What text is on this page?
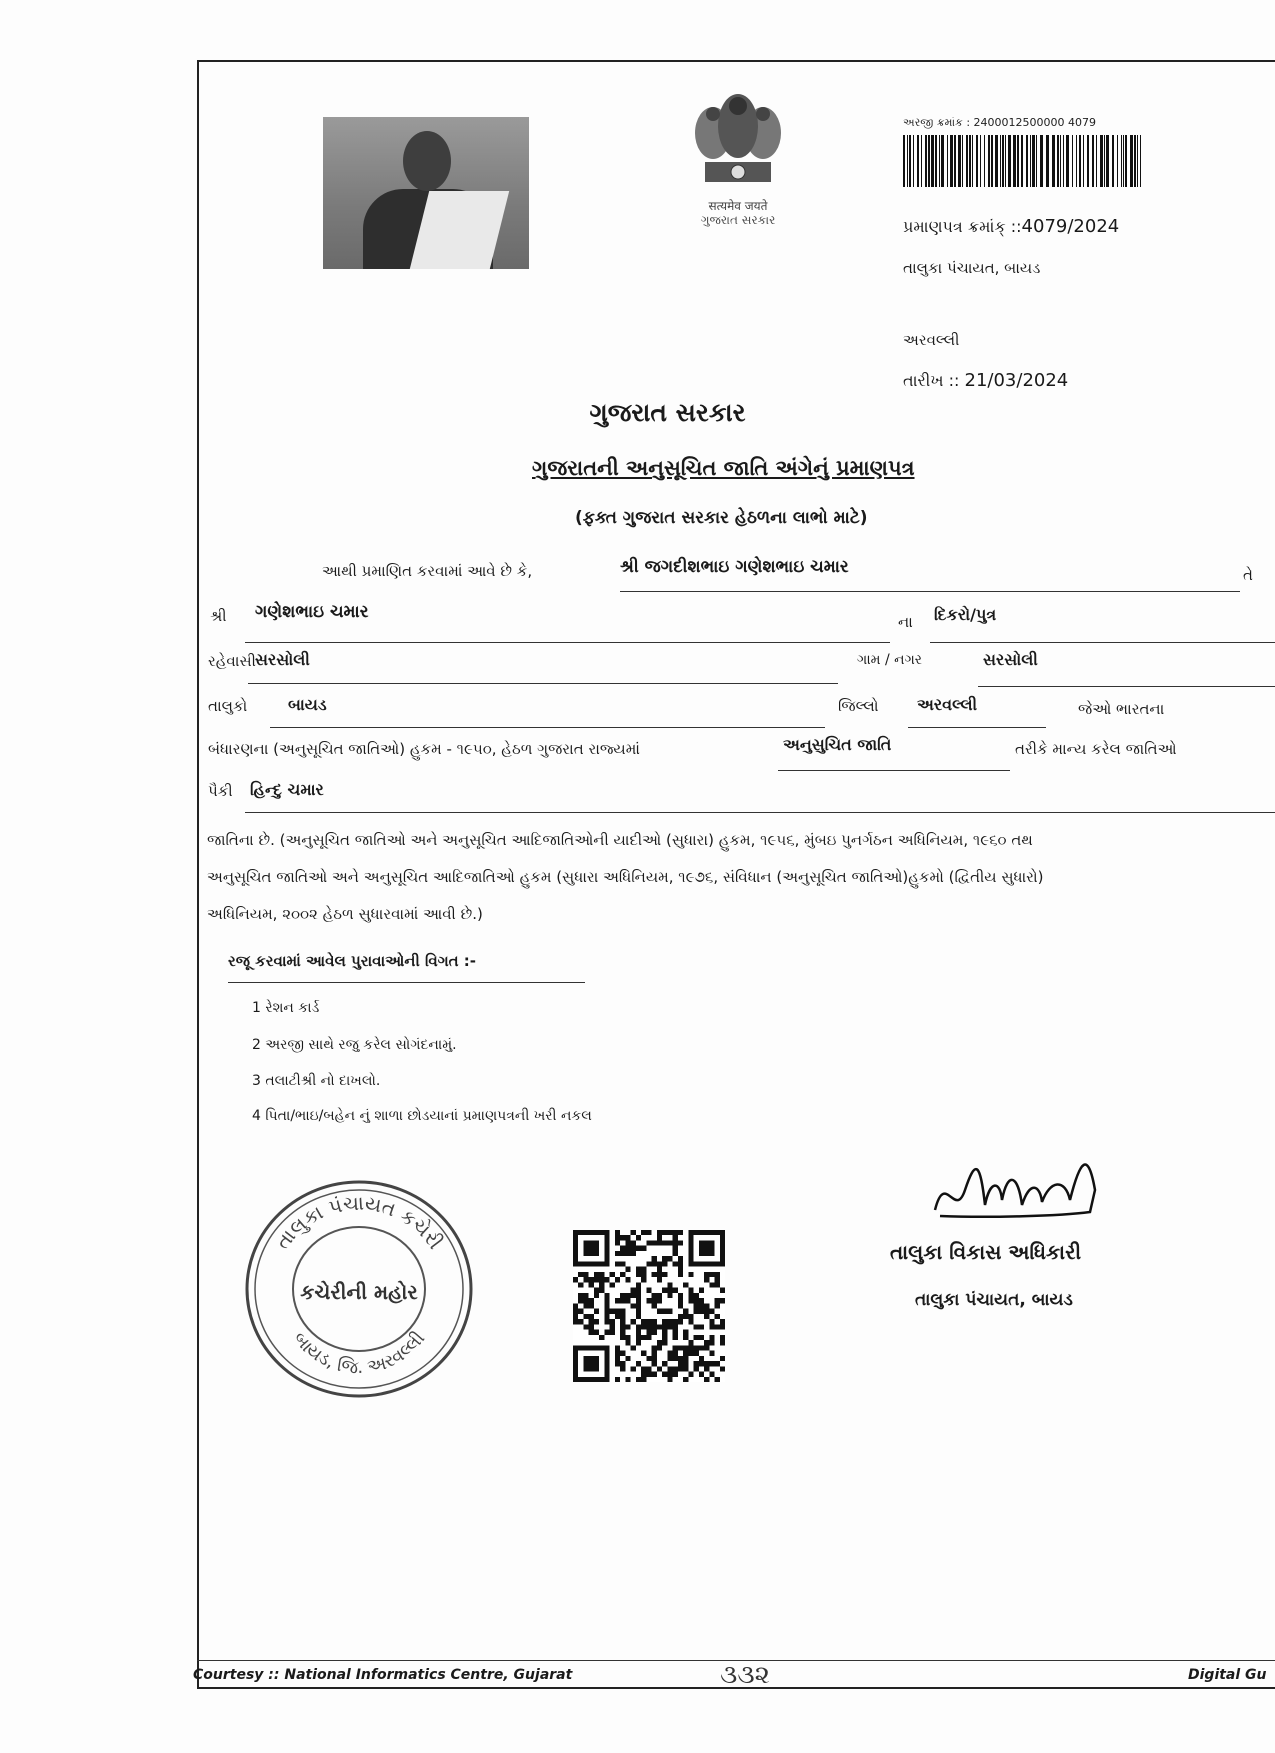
सत्यमेव जयते
ગુજરાત સરકાર
અરજી ક્રમાંક : 2400012500000 4079
પ્રમાણપત્ર ક્રમાંક્ ::4079/2024
તાલુકા પંચાયત, બાયડ
અરવલ્લી
તારીખ :: 21/03/2024
ગુજરાત સરકાર
ગુજરાતની અનુસૂચિત જાતિ અંગેનું પ્રમાણપત્ર
(ફક્ત ગુજરાત સરકાર હેઠળના લાભો માટે)
આથી પ્રમાણિત કરવામાં આવે છે કે,	શ્રી જગદીશભાઇ ગણેશભાઇ ચમાર	તે
શ્રી ગણેશભાઇ ચમાર	ના દિકરો/પુત્ર
રહેવાસી સરસોલી	ગામ / નગર	સરસોલી
તાલુકો	બાયડ	જિલ્લો અરવલ્લી	જેઓ ભારતના
બંધારણના (અનુસૂચિત જાતિઓ) હુકમ - ૧૯૫૦, હેઠળ ગુજરાત રાજ્યમાં	અનુસુચિત જાતિ	તરીકે માન્ય કરેલ જાતિઓ
પૈકી હિન્દુ ચમાર
જાતિના છે. (અનુસૂચિત જાતિઓ અને અનુસૂચિત આદિજાતિઓની યાદીઓ (સુધારા) હુકમ, ૧૯૫૬, મુંબઇ પુનર્ગઠન અધિનિયમ, ૧૯૬૦ તથ
અનુસૂચિત જાતિઓ અને અનુસૂચિત આદિજાતિઓ હુકમ (સુધારા અધિનિયમ, ૧૯૭૬, સંવિધાન (અનુસૂચિત જાતિઓ)હુકમો (દ્વિતીય સુધારો)
અધિનિયમ, ૨૦૦૨ હેઠળ સુધારવામાં આવી છે.)
રજૂ કરવામાં આવેલ પુરાવાઓની વિગત :-
1 રેશન કાર્ડ
2 અરજી સાથે રજુ કરેલ સોગંદનામું.
3 તલાટીશ્રી નો દાખલો.
4 પિતા/ભાઇ/બહેન નું શાળા છોડયાનાં પ્રમાણપત્રની ખરી નકલ
તાલુકા પંચાયત કચેરી
બાયડ, જિ. અરવલ્લી
કચેરીની મહોર
તાલુકા વિકાસ અધિકારી
તાલુકા પંચાયત, બાયડ
Courtesy :: National Informatics Centre, Gujarat	૩૩૨	Digital Gu
